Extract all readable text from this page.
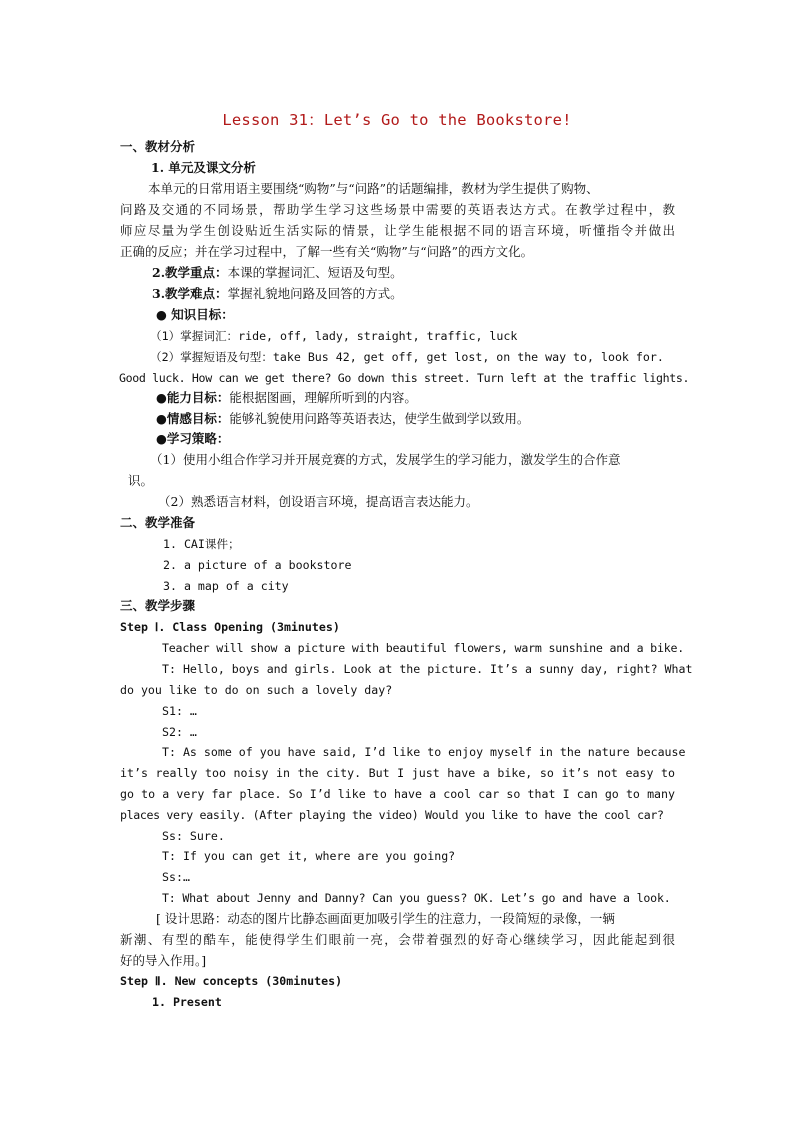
Lesson 31：Let’s Go to the Bookstore!
一、教材分析
1. 单元及课文分析
本单元的日常用语主要围绕“购物”与“问路”的话题编排，教材为学生提供了购物、
问路及交通的不同场景，帮助学生学习这些场景中需要的英语表达方式。在教学过程中，教
师应尽量为学生创设贴近生活实际的情景，让学生能根据不同的语言环境，听懂指令并做出
正确的反应；并在学习过程中，了解一些有关“购物”与“问路”的西方文化。
2.教学重点：本课的掌握词汇、短语及句型。
3.教学难点：掌握礼貌地问路及回答的方式。
● 知识目标：
（1）掌握词汇：ride, off, lady, straight, traffic, luck
（2）掌握短语及句型：take Bus 42, get off, get lost, on the way to, look for.
Good luck. How can we get there? Go down this street. Turn left at the traffic lights.
●能力目标：能根据图画，理解所听到的内容。
●情感目标：能够礼貌使用问路等英语表达，使学生做到学以致用。
●学习策略：
（1）使用小组合作学习并开展竞赛的方式，发展学生的学习能力，激发学生的合作意
识。
（2）熟悉语言材料，创设语言环境，提高语言表达能力。
二、教学准备
1. CAI课件；
2. a picture of a bookstore
3. a map of a city
三、教学步骤
Step Ⅰ. Class Opening (3minutes)
Teacher will show a picture with beautiful flowers, warm sunshine and a bike.
T: Hello, boys and girls. Look at the picture. It’s a sunny day, right? What
do you like to do on such a lovely day?
S1: …
S2: …
T: As some of you have said, I’d like to enjoy myself in the nature because
it’s really too noisy in the city. But I just have a bike, so it’s not easy to
go to a very far place. So I’d like to have a cool car so that I can go to many
places very easily. (After playing the video) Would you like to have the cool car?
Ss: Sure.
T: If you can get it, where are you going?
Ss:…
T: What about Jenny and Danny? Can you guess? OK. Let’s go and have a look.
[ 设计思路：动态的图片比静态画面更加吸引学生的注意力，一段简短的录像，一辆
新潮、有型的酷车，能使得学生们眼前一亮，会带着强烈的好奇心继续学习，因此能起到很
好的导入作用。]
Step Ⅱ. New concepts (30minutes)
1. Present
